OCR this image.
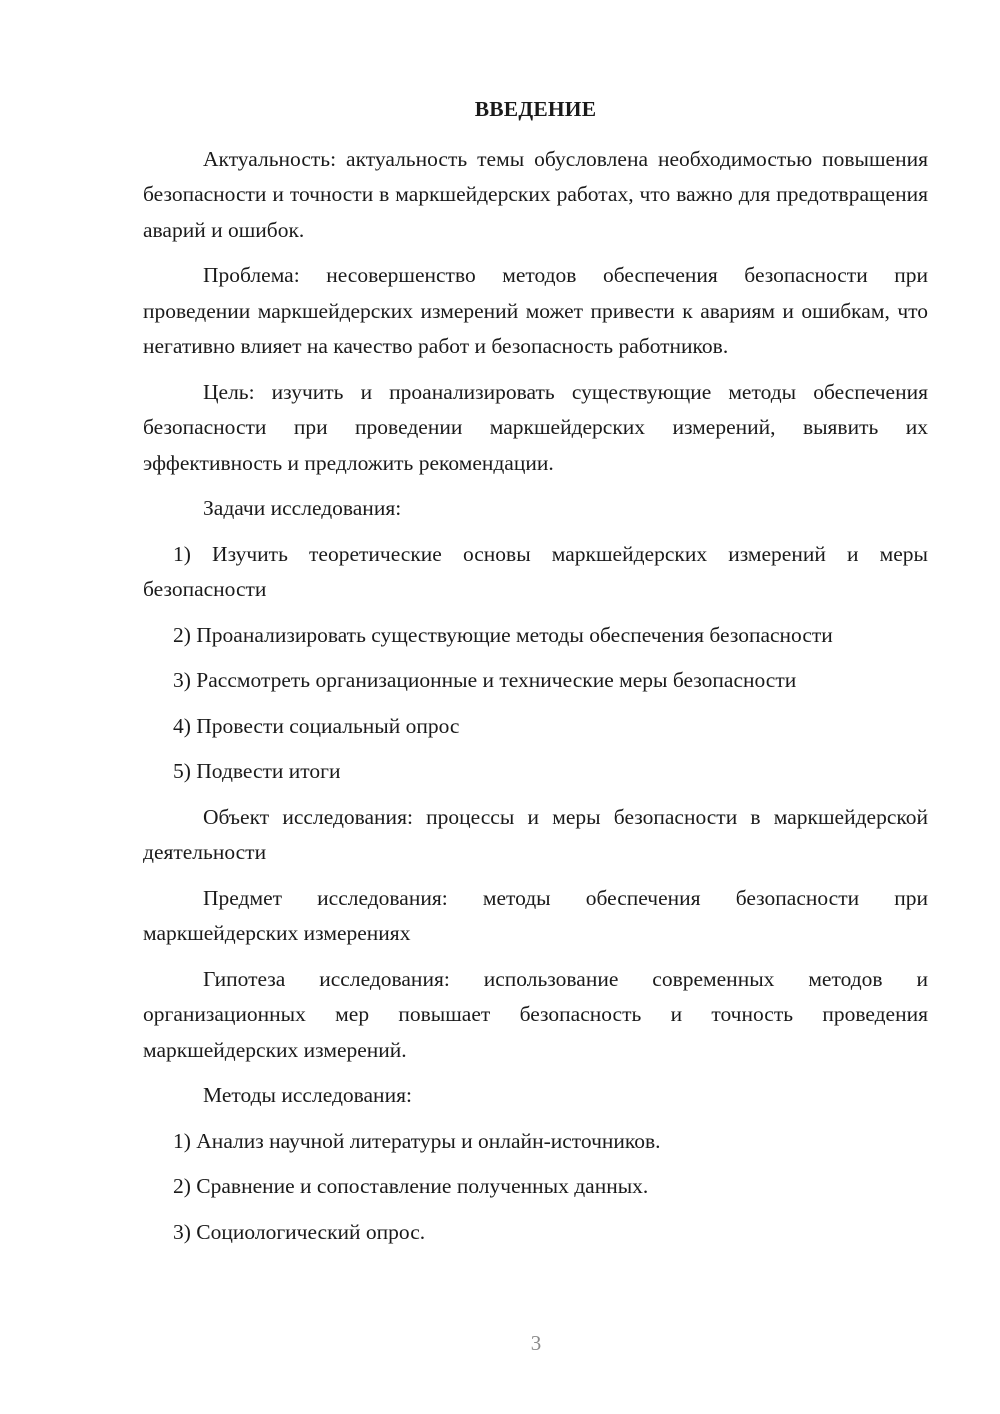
ВВЕДЕНИЕ

Актуальность: актуальность темы обусловлена необходимостью повышения безопасности и точности в маркшейдерских работах, что важно для предотвращения аварий и ошибок.

Проблема: несовершенство методов обеспечения безопасности при проведении маркшейдерских измерений может привести к авариям и ошибкам, что негативно влияет на качество работ и безопасность работников.

Цель: изучить и проанализировать существующие методы обеспечения безопасности при проведении маркшейдерских измерений, выявить их эффективность и предложить рекомендации.

Задачи исследования:

1) Изучить теоретические основы маркшейдерских измерений и меры безопасности

2) Проанализировать существующие методы обеспечения безопасности

3) Рассмотреть организационные и технические меры безопасности

4) Провести социальный опрос

5) Подвести итоги

Объект исследования: процессы и меры безопасности в маркшейдерской деятельности

Предмет исследования: методы обеспечения безопасности при маркшейдерских измерениях

Гипотеза исследования: использование современных методов и организационных мер повышает безопасность и точность проведения маркшейдерских измерений.

Методы исследования:

1) Анализ научной литературы и онлайн-источников.

2) Сравнение и сопоставление полученных данных.

3) Социологический опрос.

3
